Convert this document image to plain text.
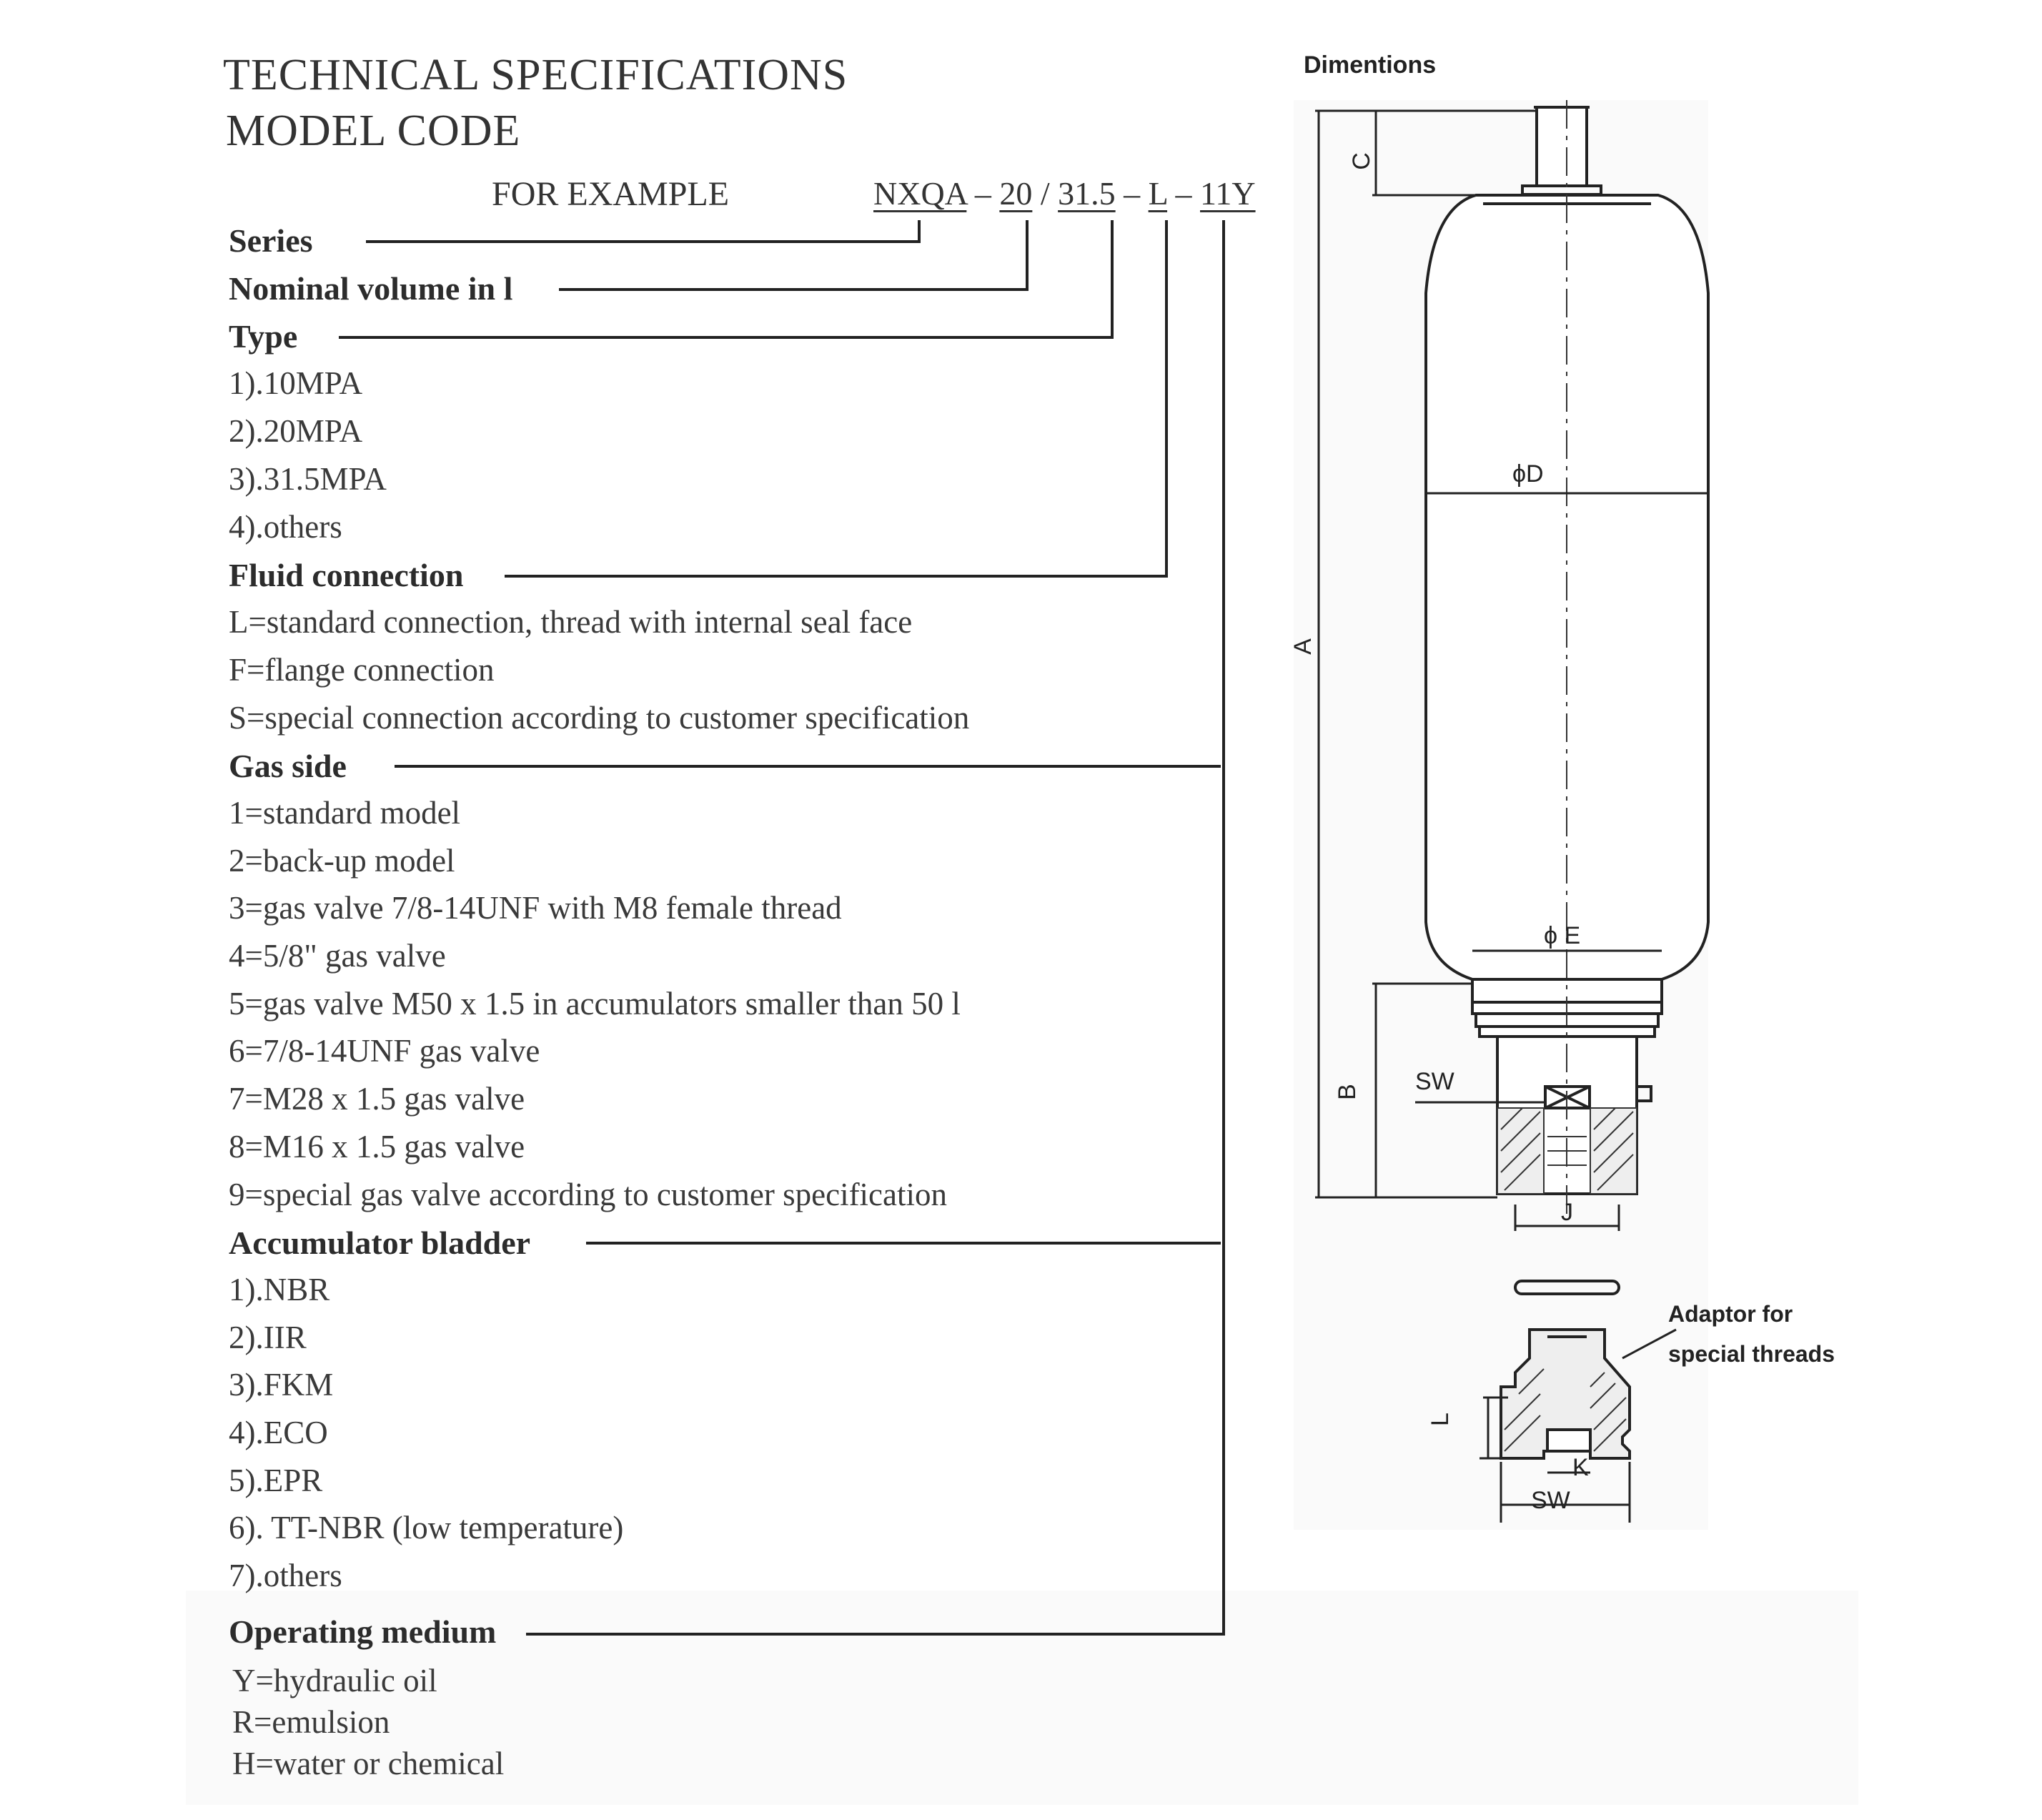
TECHNICAL SPECIFICATIONS
MODEL CODE
FOR EXAMPLE	NXQA – 20 / 31.5 – L – 11Y
Series
Nominal volume in l
Type
1).10MPA
2).20MPA
3).31.5MPA
4).others
Fluid connection
L=standard connection, thread with internal seal face
F=flange connection
S=special connection according to customer specification
Gas side
1=standard model
2=back-up model
3=gas valve 7/8-14UNF with M8 female thread
4=5/8" gas valve
5=gas valve M50 x 1.5 in accumulators smaller than 50 l
6=7/8-14UNF gas valve
7=M28 x 1.5 gas valve
8=M16 x 1.5 gas valve
9=special gas valve according to customer specification
Accumulator bladder
1).NBR
2).IIR
3).FKM
4).ECO
5).EPR
6). TT-NBR (low temperature)
7).others
Operating medium
Y=hydraulic oil
R=emulsion
H=water or chemical
Dimentions
C
A
ϕD
ϕ E
B SW
J
L
K
SW
Adaptor for
special threads
